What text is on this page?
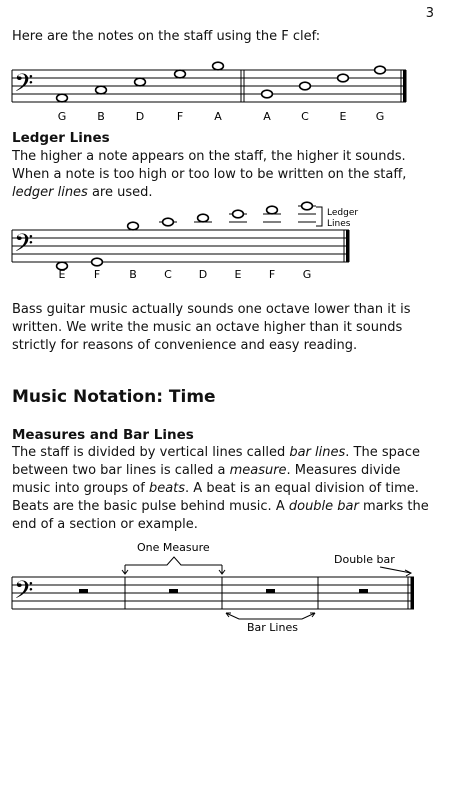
3
Here are the notes on the staff using the F clef:
𝄢
G	B	D	F	A	A	C	E	G
Ledger Lines
The higher a note appears on the staff, the higher it sounds. When a note is too high or too low to be written on the staff, ledger lines are used.
𝄢
E	F	B C D E F	G
Ledger
Lines
Bass guitar music actually sounds one octave lower than it is written. We write the music an octave higher than it sounds strictly for reasons of convenience and easy reading.
Music Notation: Time
Measures and Bar Lines
The staff is divided by vertical lines called bar lines. The space between two bar lines is called a measure. Measures divide music into groups of beats. A beat is an equal division of time. Beats are the basic pulse behind music. A double bar marks the end of a section or example.
𝄢
One Measure
Double bar
Bar Lines
